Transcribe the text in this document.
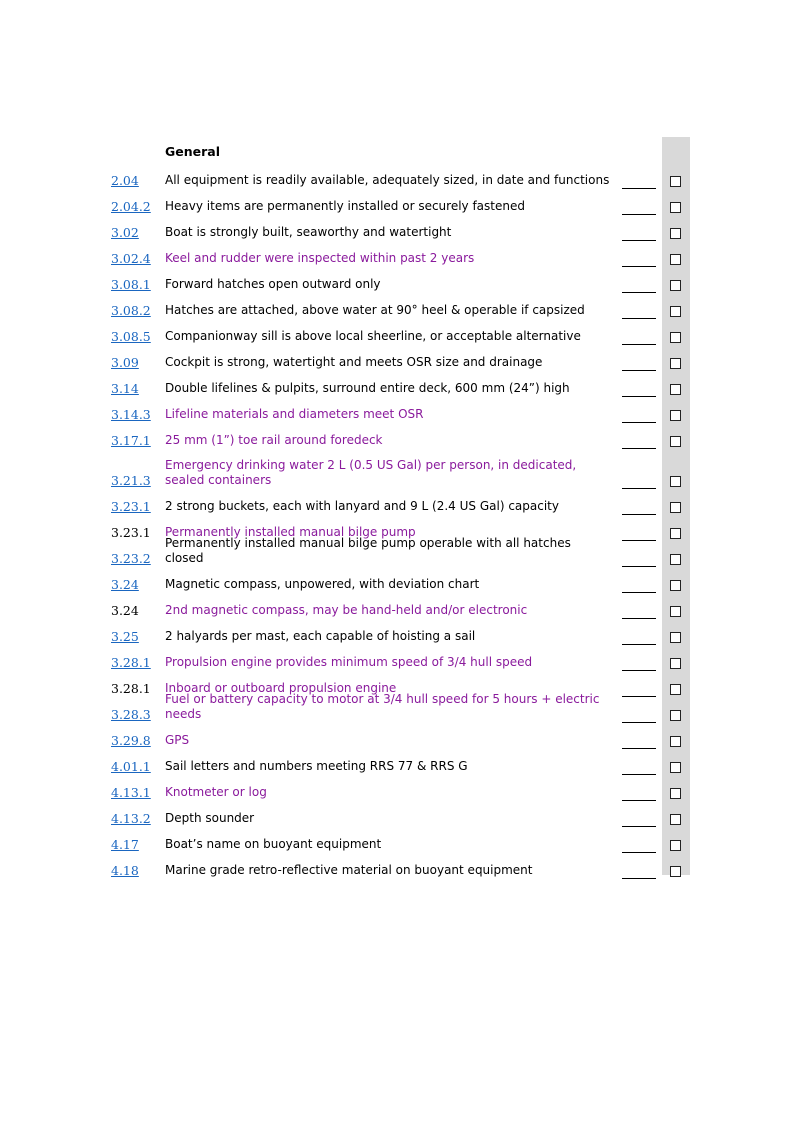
General
2.04 All equipment is readily available, adequately sized, in date and functions
2.04.2 Heavy items are permanently installed or securely fastened
3.02 Boat is strongly built, seaworthy and watertight
3.02.4 Keel and rudder were inspected within past 2 years
3.08.1 Forward hatches open outward only
3.08.2 Hatches are attached, above water at 90° heel & operable if capsized
3.08.5 Companionway sill is above local sheerline, or acceptable alternative
3.09 Cockpit is strong, watertight and meets OSR size and drainage
3.14 Double lifelines & pulpits, surround entire deck, 600 mm (24”) high
3.14.3 Lifeline materials and diameters meet OSR
3.17.1 25 mm (1”) toe rail around foredeck
3.21.3
Emergency drinking water 2 L (0.5 US Gal) per person, in dedicated, sealed containers
3.23.1 2 strong buckets, each with lanyard and 9 L (2.4 US Gal) capacity
3.23.1 Permanently installed manual bilge pump
3.23.2
Permanently installed manual bilge pump operable with all hatches closed
3.24 Magnetic compass, unpowered, with deviation chart
3.24 2nd magnetic compass, may be hand-held and/or electronic
3.25 2 halyards per mast, each capable of hoisting a sail
3.28.1 Propulsion engine provides minimum speed of 3/4 hull speed
3.28.1 Inboard or outboard propulsion engine
3.28.3
Fuel or battery capacity to motor at 3/4 hull speed for 5 hours + electric needs
3.29.8 GPS
4.01.1 Sail letters and numbers meeting RRS 77 & RRS G
4.13.1 Knotmeter or log
4.13.2 Depth sounder
4.17 Boat’s name on buoyant equipment
4.18 Marine grade retro-reflective material on buoyant equipment
